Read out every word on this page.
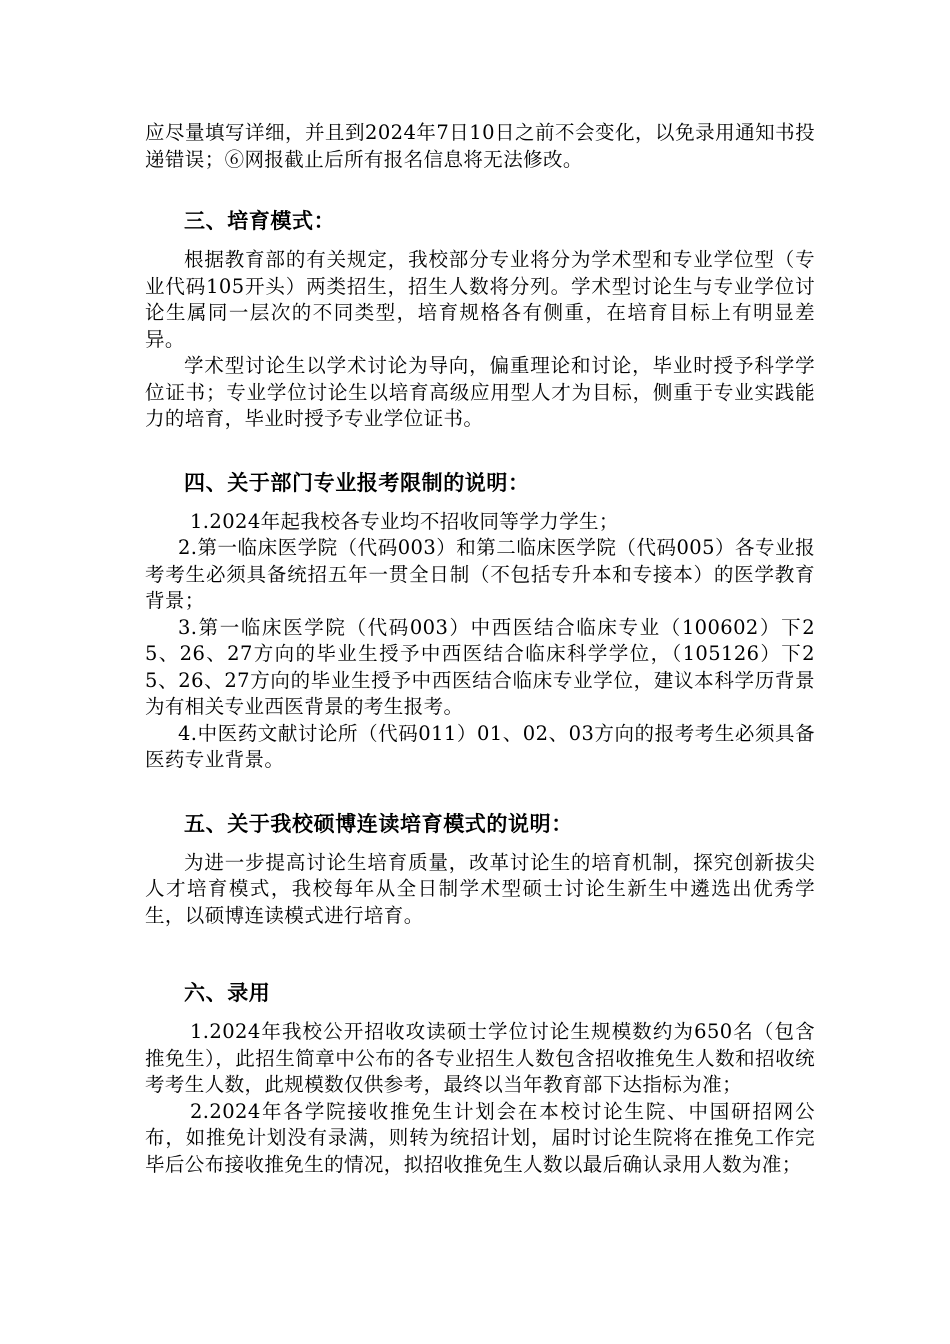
应尽量填写详细，并且到2024年7日10日之前不会变化，以免录用通知书投递错误；⑥网报截止后所有报名信息将无法修改。

三、培育模式：

根据教育部的有关规定，我校部分专业将分为学术型和专业学位型（专业代码105开头）两类招生，招生人数将分列。学术型讨论生与专业学位讨论生属同一层次的不同类型，培育规格各有侧重，在培育目标上有明显差异。

学术型讨论生以学术讨论为导向，偏重理论和讨论，毕业时授予科学学位证书；专业学位讨论生以培育高级应用型人才为目标，侧重于专业实践能力的培育，毕业时授予专业学位证书。

四、关于部门专业报考限制的说明：

1.2024年起我校各专业均不招收同等学力学生；

2.第一临床医学院（代码003）和第二临床医学院（代码005）各专业报考考生必须具备统招五年一贯全日制（不包括专升本和专接本）的医学教育背景；

3.第一临床医学院（代码003）中西医结合临床专业（100602）下25、26、27方向的毕业生授予中西医结合临床科学学位，（105126）下25、26、27方向的毕业生授予中西医结合临床专业学位，建议本科学历背景为有相关专业西医背景的考生报考。

4.中医药文献讨论所（代码011）01、02、03方向的报考考生必须具备医药专业背景。

五、关于我校硕博连读培育模式的说明：

为进一步提高讨论生培育质量，改革讨论生的培育机制，探究创新拔尖人才培育模式，我校每年从全日制学术型硕士讨论生新生中遴选出优秀学生，以硕博连读模式进行培育。

六、录用

1.2024年我校公开招收攻读硕士学位讨论生规模数约为650名（包含推免生），此招生简章中公布的各专业招生人数包含招收推免生人数和招收统考考生人数，此规模数仅供参考，最终以当年教育部下达指标为准；

2.2024年各学院接收推免生计划会在本校讨论生院、中国研招网公布，如推免计划没有录满，则转为统招计划，届时讨论生院将在推免工作完毕后公布接收推免生的情况，拟招收推免生人数以最后确认录用人数为准；
